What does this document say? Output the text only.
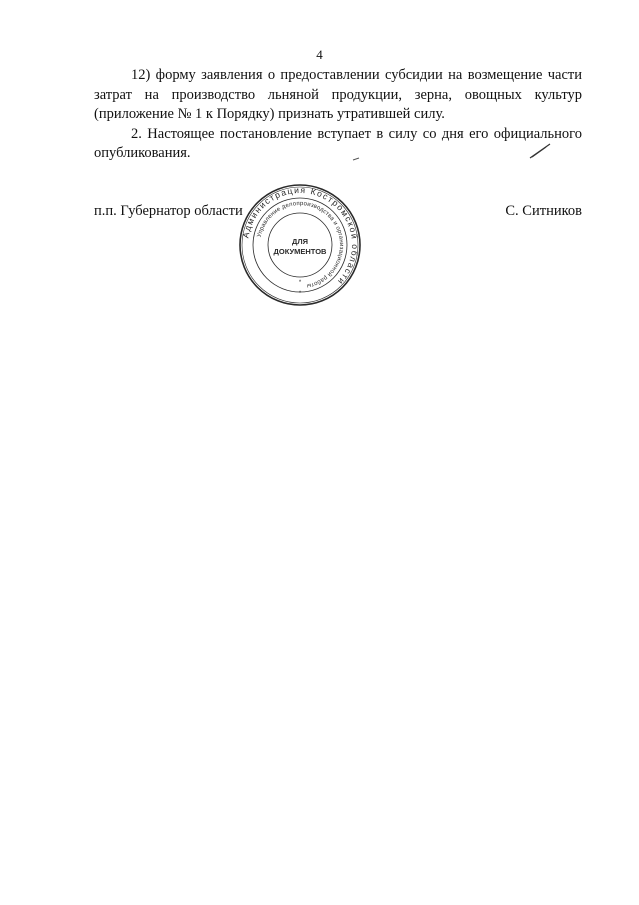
4

12) форму заявления о предоставлении субсидии на возмещение части затрат на производство льняной продукции, зерна, овощных культур (приложение № 1 к Порядку) признать утратившей силу.

2. Настоящее постановление вступает в силу со дня его официального опубликования.

п.п. Губернатор области	С. Ситников
Администрация Костромской области
Управление делопроизводства и организационной работы
ДЛЯ
ДОКУМЕНТОВ
*
*
